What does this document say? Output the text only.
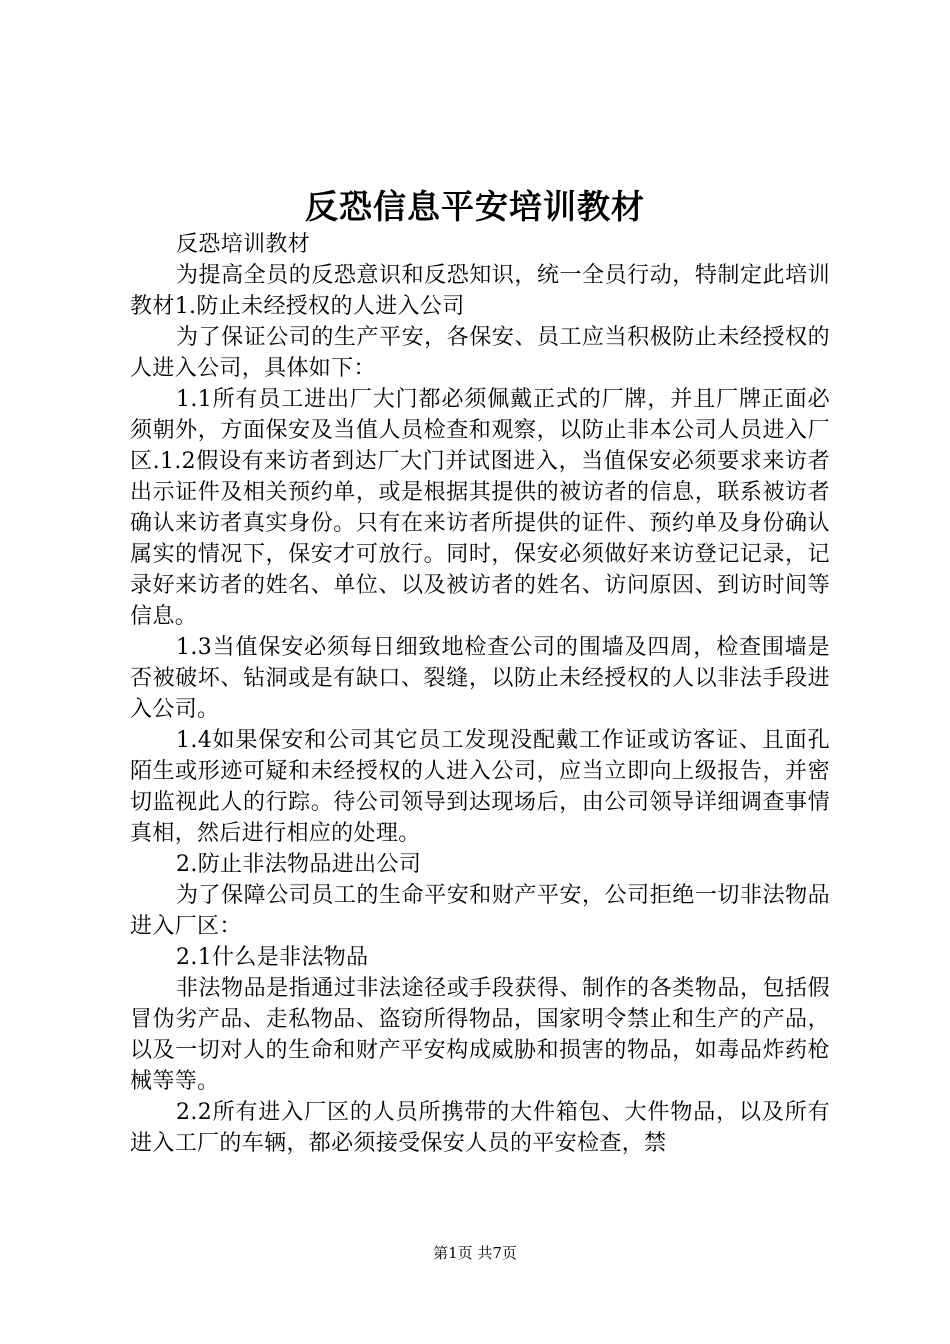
反恐信息平安培训教材

反恐培训教材

为提高全员的反恐意识和反恐知识，统一全员行动，特制定此培训教材1.防止未经授权的人进入公司

为了保证公司的生产平安，各保安、员工应当积极防止未经授权的人进入公司，具体如下：

1.1所有员工进出厂大门都必须佩戴正式的厂牌，并且厂牌正面必须朝外，方面保安及当值人员检查和观察，以防止非本公司人员进入厂区.1.2假设有来访者到达厂大门并试图进入，当值保安必须要求来访者出示证件及相关预约单，或是根据其提供的被访者的信息，联系被访者确认来访者真实身份。只有在来访者所提供的证件、预约单及身份确认属实的情况下，保安才可放行。同时，保安必须做好来访登记记录，记录好来访者的姓名、单位、以及被访者的姓名、访问原因、到访时间等信息。

1.3当值保安必须每日细致地检查公司的围墙及四周，检查围墙是否被破坏、钻洞或是有缺口、裂缝，以防止未经授权的人以非法手段进入公司。

1.4如果保安和公司其它员工发现没配戴工作证或访客证、且面孔陌生或形迹可疑和未经授权的人进入公司，应当立即向上级报告，并密切监视此人的行踪。待公司领导到达现场后，由公司领导详细调查事情真相，然后进行相应的处理。

2.防止非法物品进出公司

为了保障公司员工的生命平安和财产平安，公司拒绝一切非法物品进入厂区：

2.1什么是非法物品

非法物品是指通过非法途径或手段获得、制作的各类物品，包括假冒伪劣产品、走私物品、盗窃所得物品，国家明令禁止和生产的产品，以及一切对人的生命和财产平安构成威胁和损害的物品，如毒品炸药枪械等等。

2.2所有进入厂区的人员所携带的大件箱包、大件物品，以及所有进入工厂的车辆，都必须接受保安人员的平安检查，禁

第1页 共7页
